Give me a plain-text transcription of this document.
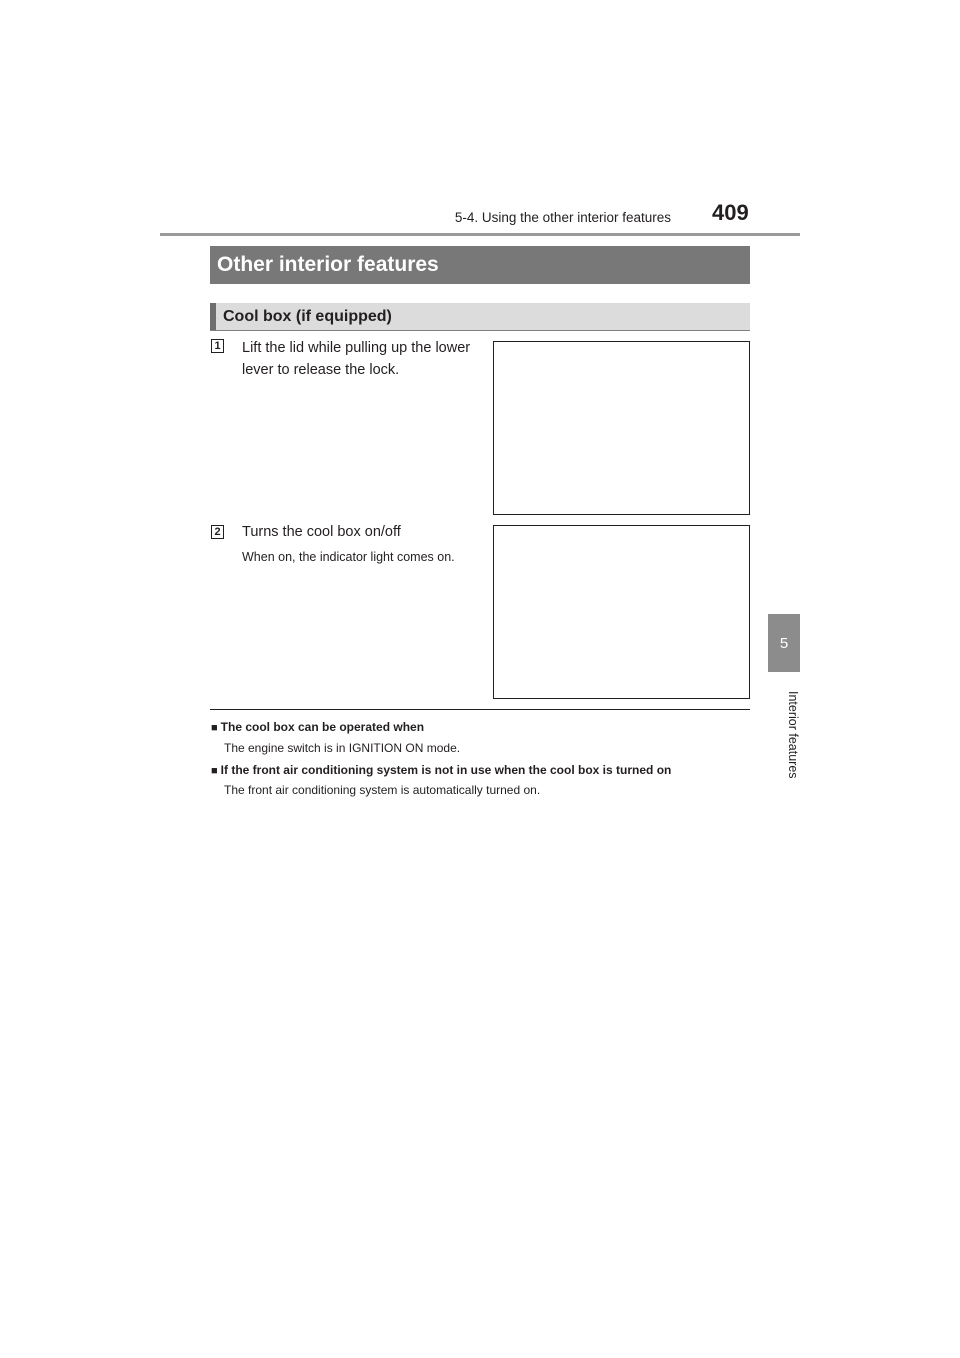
5-4. Using the other interior features 409
5
Interior features
Other interior features
Cool box (if equipped)
1 Lift the lid while pulling up the lower lever to release the lock.
2 Turns the cool box on/off
When on, the indicator light comes on.
■ The cool box can be operated when
The engine switch is in IGNITION ON mode.
■ If the front air conditioning system is not in use when the cool box is turned on
The front air conditioning system is automatically turned on.
